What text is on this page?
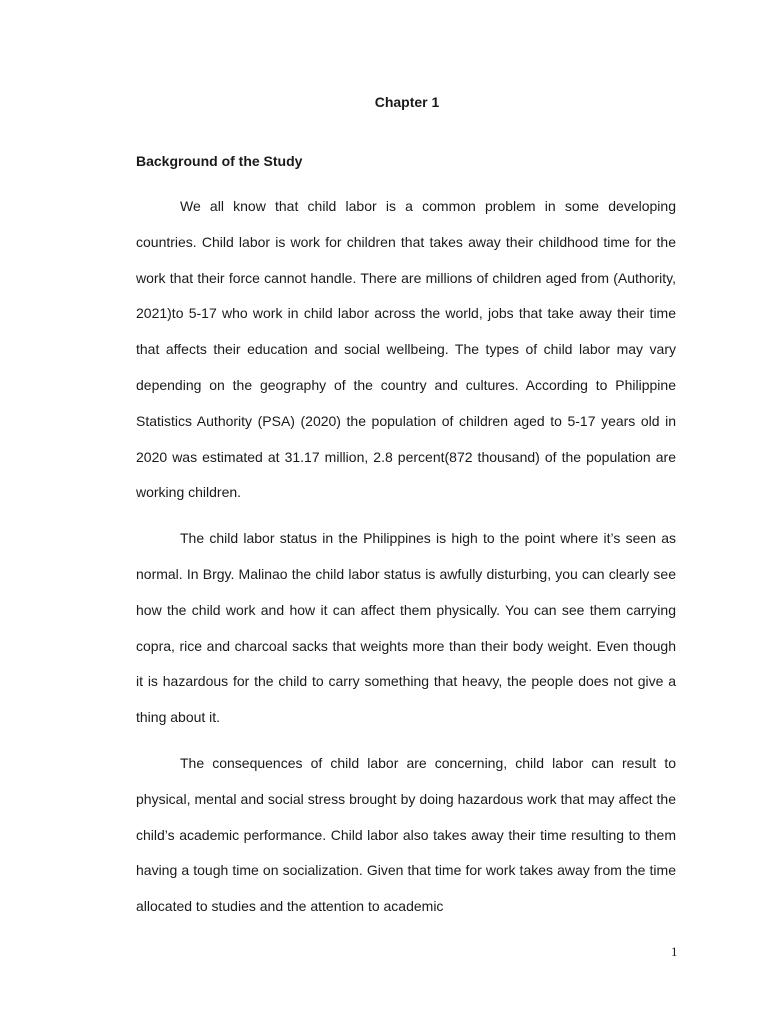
Chapter 1
Background of the Study

We all know that child labor is a common problem in some developing countries. Child labor is work for children that takes away their childhood time for the work that their force cannot handle. There are millions of children aged from (Authority, 2021)to 5-17 who work in child labor across the world, jobs that take away their time that affects their education and social wellbeing. The types of child labor may vary depending on the geography of the country and cultures. According to Philippine Statistics Authority (PSA) (2020) the population of children aged to 5-17 years old in 2020 was estimated at 31.17 million, 2.8 percent(872 thousand) of the population are working children.

The child labor status in the Philippines is high to the point where it’s seen as normal. In Brgy. Malinao the child labor status is awfully disturbing, you can clearly see how the child work and how it can affect them physically. You can see them carrying copra, rice and charcoal sacks that weights more than their body weight. Even though it is hazardous for the child to carry something that heavy, the people does not give a thing about it.

The consequences of child labor are concerning, child labor can result to physical, mental and social stress brought by doing hazardous work that may affect the child’s academic performance. Child labor also takes away their time resulting to them having a tough time on socialization. Given that time for work takes away from the time allocated to studies and the attention to academic

1
